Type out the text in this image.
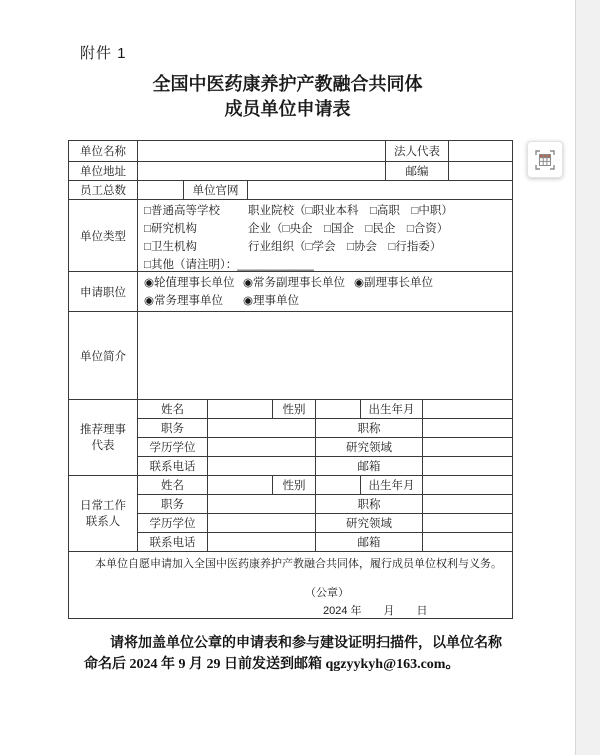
附件 1
全国中医药康养护产教融合共同体
成员单位申请表
单位名称	法人代表
单位地址	邮编
员工总数	单位官网
单位类型
□普通高等学校	职业院校（□职业本科　□高职　□中职）
□研究机构	企业（□央企　□国企　□民企　□合资）
□卫生机构	行业组织（□学会　□协会　□行指委）
□其他（请注明）： ____________
申请职位
◉轮值理事长单位 ◉常务副理事长单位 ◉副理事长单位
◉常务理事单位	◉理事单位
单位简介
推荐理事
代表
姓名	性别	出生年月
职务	职称
学历学位	研究领域
联系电话	邮箱
日常工作
联系人
姓名	性别	出生年月
职务	职称
学历学位	研究领域
联系电话	邮箱
本单位自愿申请加入全国中医药康养护产教融合共同体，履行成员单位权利与义务。
（公章）
2024 年　　月　　日
请将加盖单位公章的申请表和参与建设证明扫描件，以单位名称
命名后 2024 年 9 月 29 日前发送到邮箱 qgzyykyh@163.com。
